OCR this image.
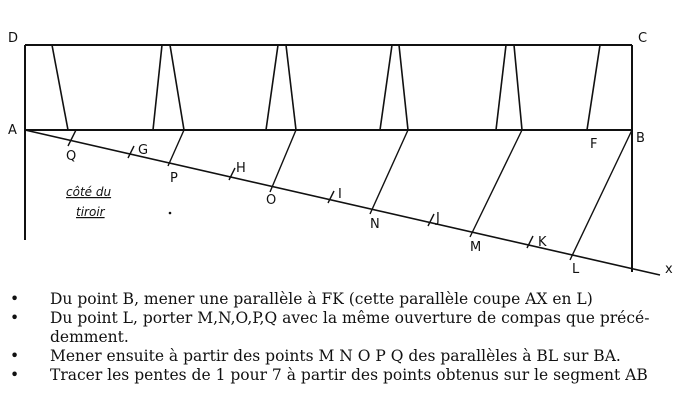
D	C
A
B
Q	G
P
H
O	I
N	J
M	K
L
F
x
côté du
tiroir
• Du point B, mener une parallèle à FK (cette parallèle coupe AX en L)
• Du point L, porter M,N,O,P,Q avec la même ouverture de compas que précé-
demment.
• Mener ensuite à partir des points M N O P Q des parallèles à BL sur BA.
• Tracer les pentes de 1 pour 7 à partir des points obtenus sur le segment AB
